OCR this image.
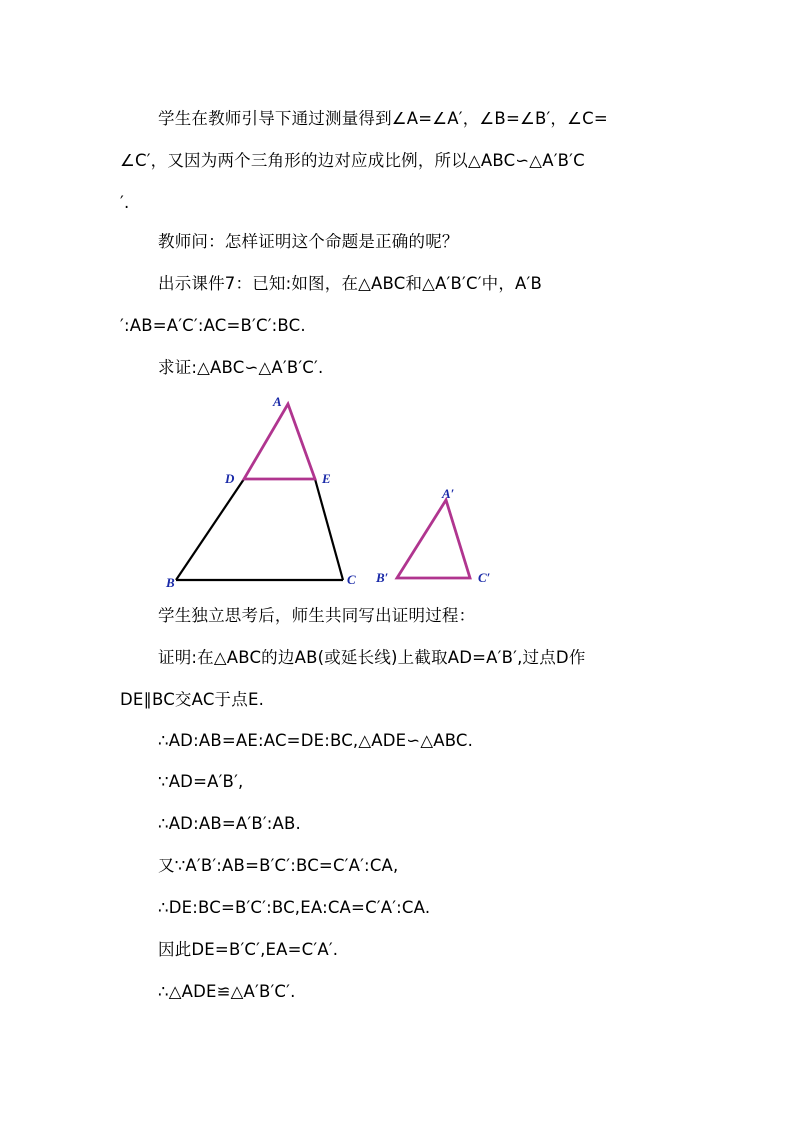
学生在教师引导下通过测量得到∠A=∠A′，∠B=∠B′，∠C=
∠C′，又因为两个三角形的边对应成比例，所以△ABC∽△A′B′C
′.
教师问：怎样证明这个命题是正确的呢？
出示课件7：已知:如图，在△ABC和△A′B′C′中，A′B
′:AB=A′C′:AC=B′C′:BC.
求证:△ABC∽△A′B′C′.
A
D	E
B	C
A′
B′	C′
学生独立思考后，师生共同写出证明过程：
证明:在△ABC的边AB(或延长线)上截取AD=A′B′,过点D作
DE∥BC交AC于点E.
∴AD:AB=AE:AC=DE:BC,△ADE∽△ABC.
∵AD=A′B′,
∴AD:AB=A′B′:AB.
又∵A′B′:AB=B′C′:BC=C′A′:CA,
∴DE:BC=B′C′:BC,EA:CA=C′A′:CA.
因此DE=B′C′,EA=C′A′.
∴△ADE≌△A′B′C′.
